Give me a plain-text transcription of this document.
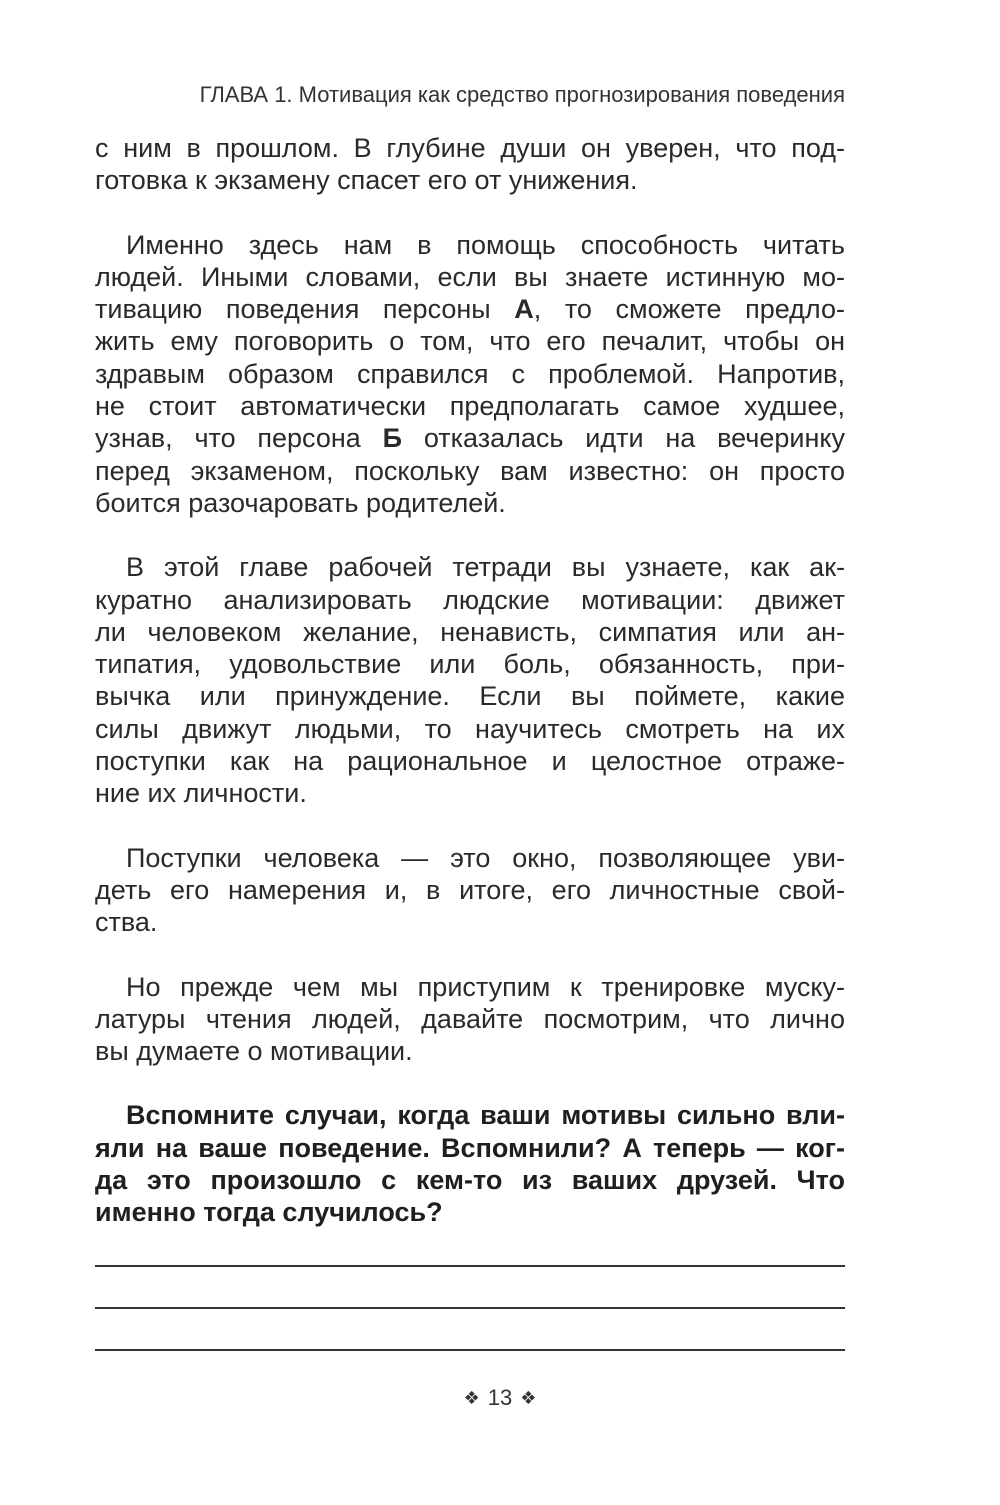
ГЛАВА 1. Мотивация как средство прогнозирования поведения

с ним в прошлом. В глубине души он уверен, что под-
готовка к экзамену спасет его от унижения.

Именно здесь нам в помощь способность читать
людей. Иными словами, если вы знаете истинную мо-
тивацию поведения персоны А, то сможете предло-
жить ему поговорить о том, что его печалит, чтобы он
здравым образом справился с проблемой. Напротив,
не стоит автоматически предполагать самое худшее,
узнав, что персона Б отказалась идти на вечеринку
перед экзаменом, поскольку вам известно: он просто
боится разочаровать родителей.

В этой главе рабочей тетради вы узнаете, как ак-
куратно анализировать людские мотивации: движет
ли человеком желание, ненависть, симпатия или ан-
типатия, удовольствие или боль, обязанность, при-
вычка или принуждение. Если вы поймете, какие
силы движут людьми, то научитесь смотреть на их
поступки как на рациональное и целостное отраже-
ние их личности.

Поступки человека — это окно, позволяющее уви-
деть его намерения и, в итоге, его личностные свой-
ства.

Но прежде чем мы приступим к тренировке муску-
латуры чтения людей, давайте посмотрим, что лично
вы думаете о мотивации.

Вспомните случаи, когда ваши мотивы сильно вли-
яли на ваше поведение. Вспомнили? А теперь — ког-
да это произошло с кем-то из ваших друзей. Что
именно тогда случилось?

❖ 13 ❖
